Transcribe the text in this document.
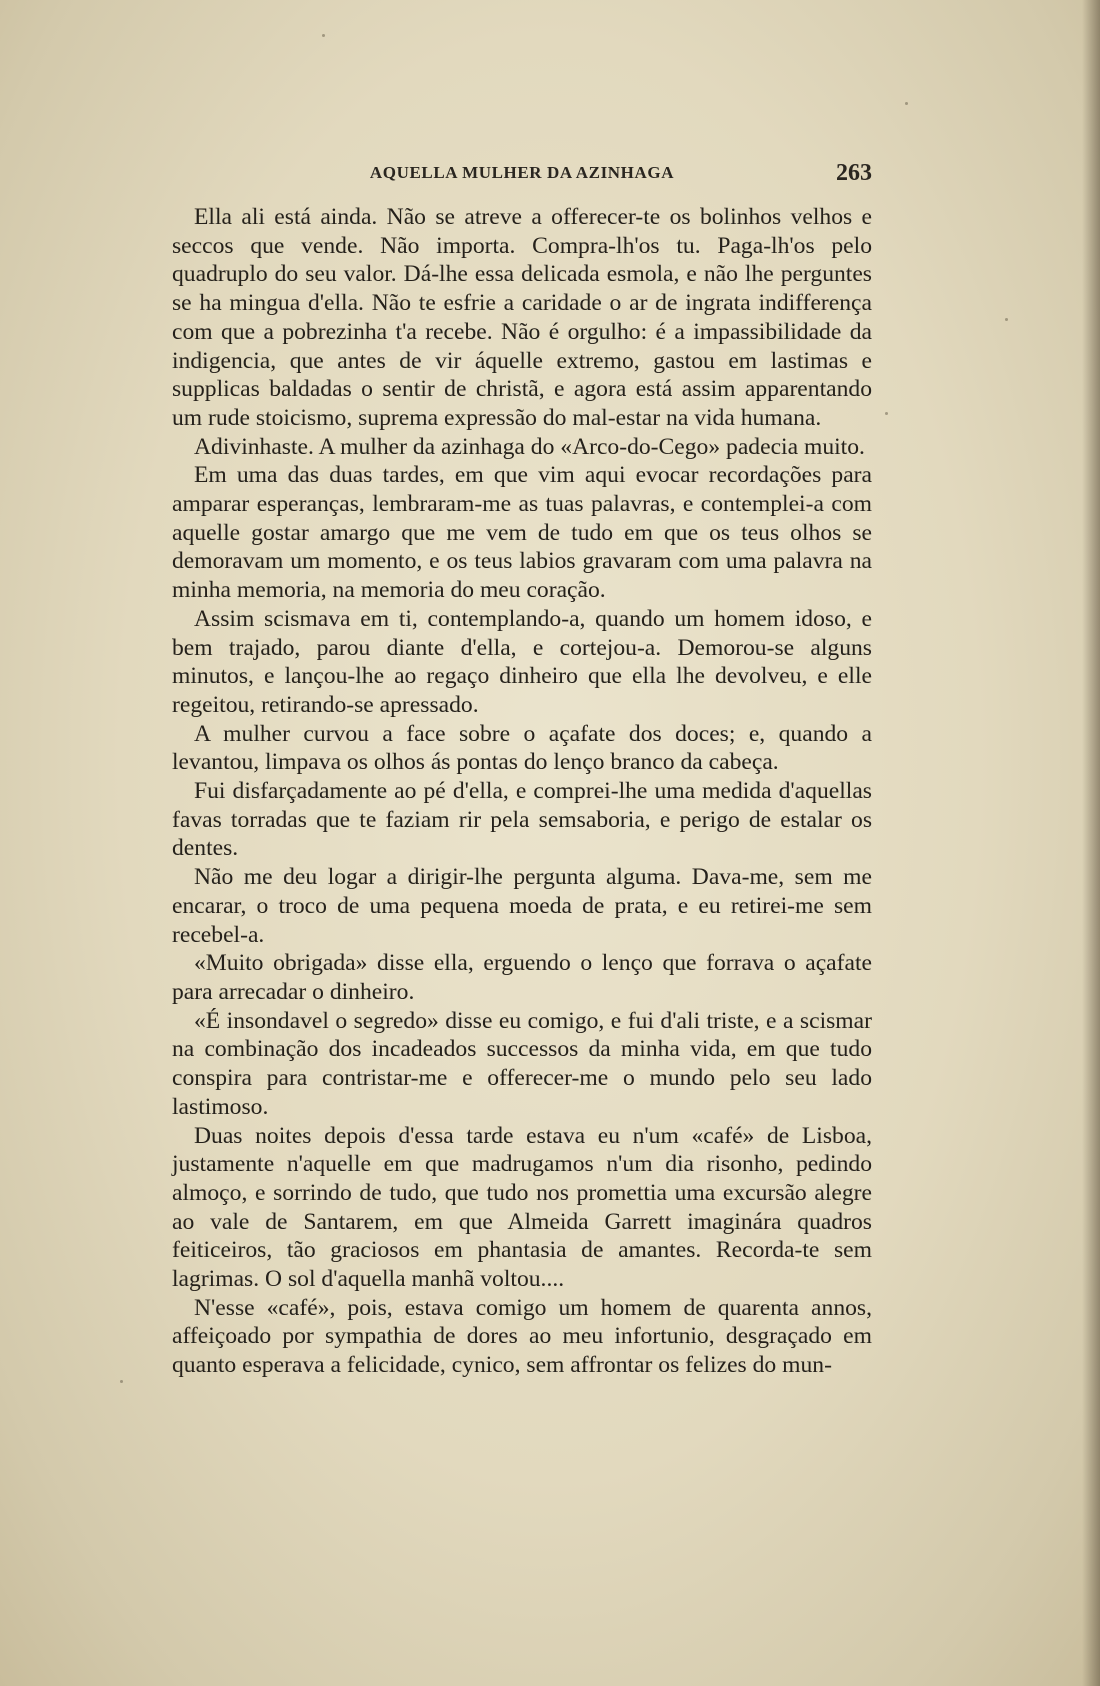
AQUELLA MULHER DA AZINHAGA	263

Ella ali está ainda. Não se atreve a offerecer-te os bolinhos velhos e seccos que vende. Não importa. Compra-lh'os tu. Paga-lh'os pelo quadruplo do seu valor. Dá-lhe essa delicada esmola, e não lhe perguntes se ha mingua d'ella. Não te esfrie a caridade o ar de ingrata indifferença com que a pobrezinha t'a recebe. Não é orgulho: é a impassibilidade da indigencia, que antes de vir áquelle extremo, gastou em lastimas e supplicas baldadas o sentir de christã, e agora está assim apparentando um rude stoicismo, suprema expressão do mal-estar na vida humana.

Adivinhaste. A mulher da azinhaga do «Arco-do-Cego» padecia muito.

Em uma das duas tardes, em que vim aqui evocar recordações para amparar esperanças, lembraram-me as tuas palavras, e contemplei-a com aquelle gostar amargo que me vem de tudo em que os teus olhos se demoravam um momento, e os teus labios gravaram com uma palavra na minha memoria, na memoria do meu coração.

Assim scismava em ti, contemplando-a, quando um homem idoso, e bem trajado, parou diante d'ella, e cortejou-a. Demorou-se alguns minutos, e lançou-lhe ao regaço dinheiro que ella lhe devolveu, e elle regeitou, retirando-se apressado.

A mulher curvou a face sobre o açafate dos doces; e, quando a levantou, limpava os olhos ás pontas do lenço branco da cabeça.

Fui disfarçadamente ao pé d'ella, e comprei-lhe uma medida d'aquellas favas torradas que te faziam rir pela semsaboria, e perigo de estalar os dentes.

Não me deu logar a dirigir-lhe pergunta alguma. Dava-me, sem me encarar, o troco de uma pequena moeda de prata, e eu retirei-me sem recebel-a.

«Muito obrigada» disse ella, erguendo o lenço que forrava o açafate para arrecadar o dinheiro.

«É insondavel o segredo» disse eu comigo, e fui d'ali triste, e a scismar na combinação dos incadeados successos da minha vida, em que tudo conspira para contristar-me e offerecer-me o mundo pelo seu lado lastimoso.

Duas noites depois d'essa tarde estava eu n'um «café» de Lisboa, justamente n'aquelle em que madrugamos n'um dia risonho, pedindo almoço, e sorrindo de tudo, que tudo nos promettia uma excursão alegre ao vale de Santarem, em que Almeida Garrett imaginára quadros feiticeiros, tão graciosos em phantasia de amantes. Recorda-te sem lagrimas. O sol d'aquella manhã voltou....

N'esse «café», pois, estava comigo um homem de quarenta annos, affeiçoado por sympathia de dores ao meu infortunio, desgraçado em quanto esperava a felicidade, cynico, sem affrontar os felizes do mun-
